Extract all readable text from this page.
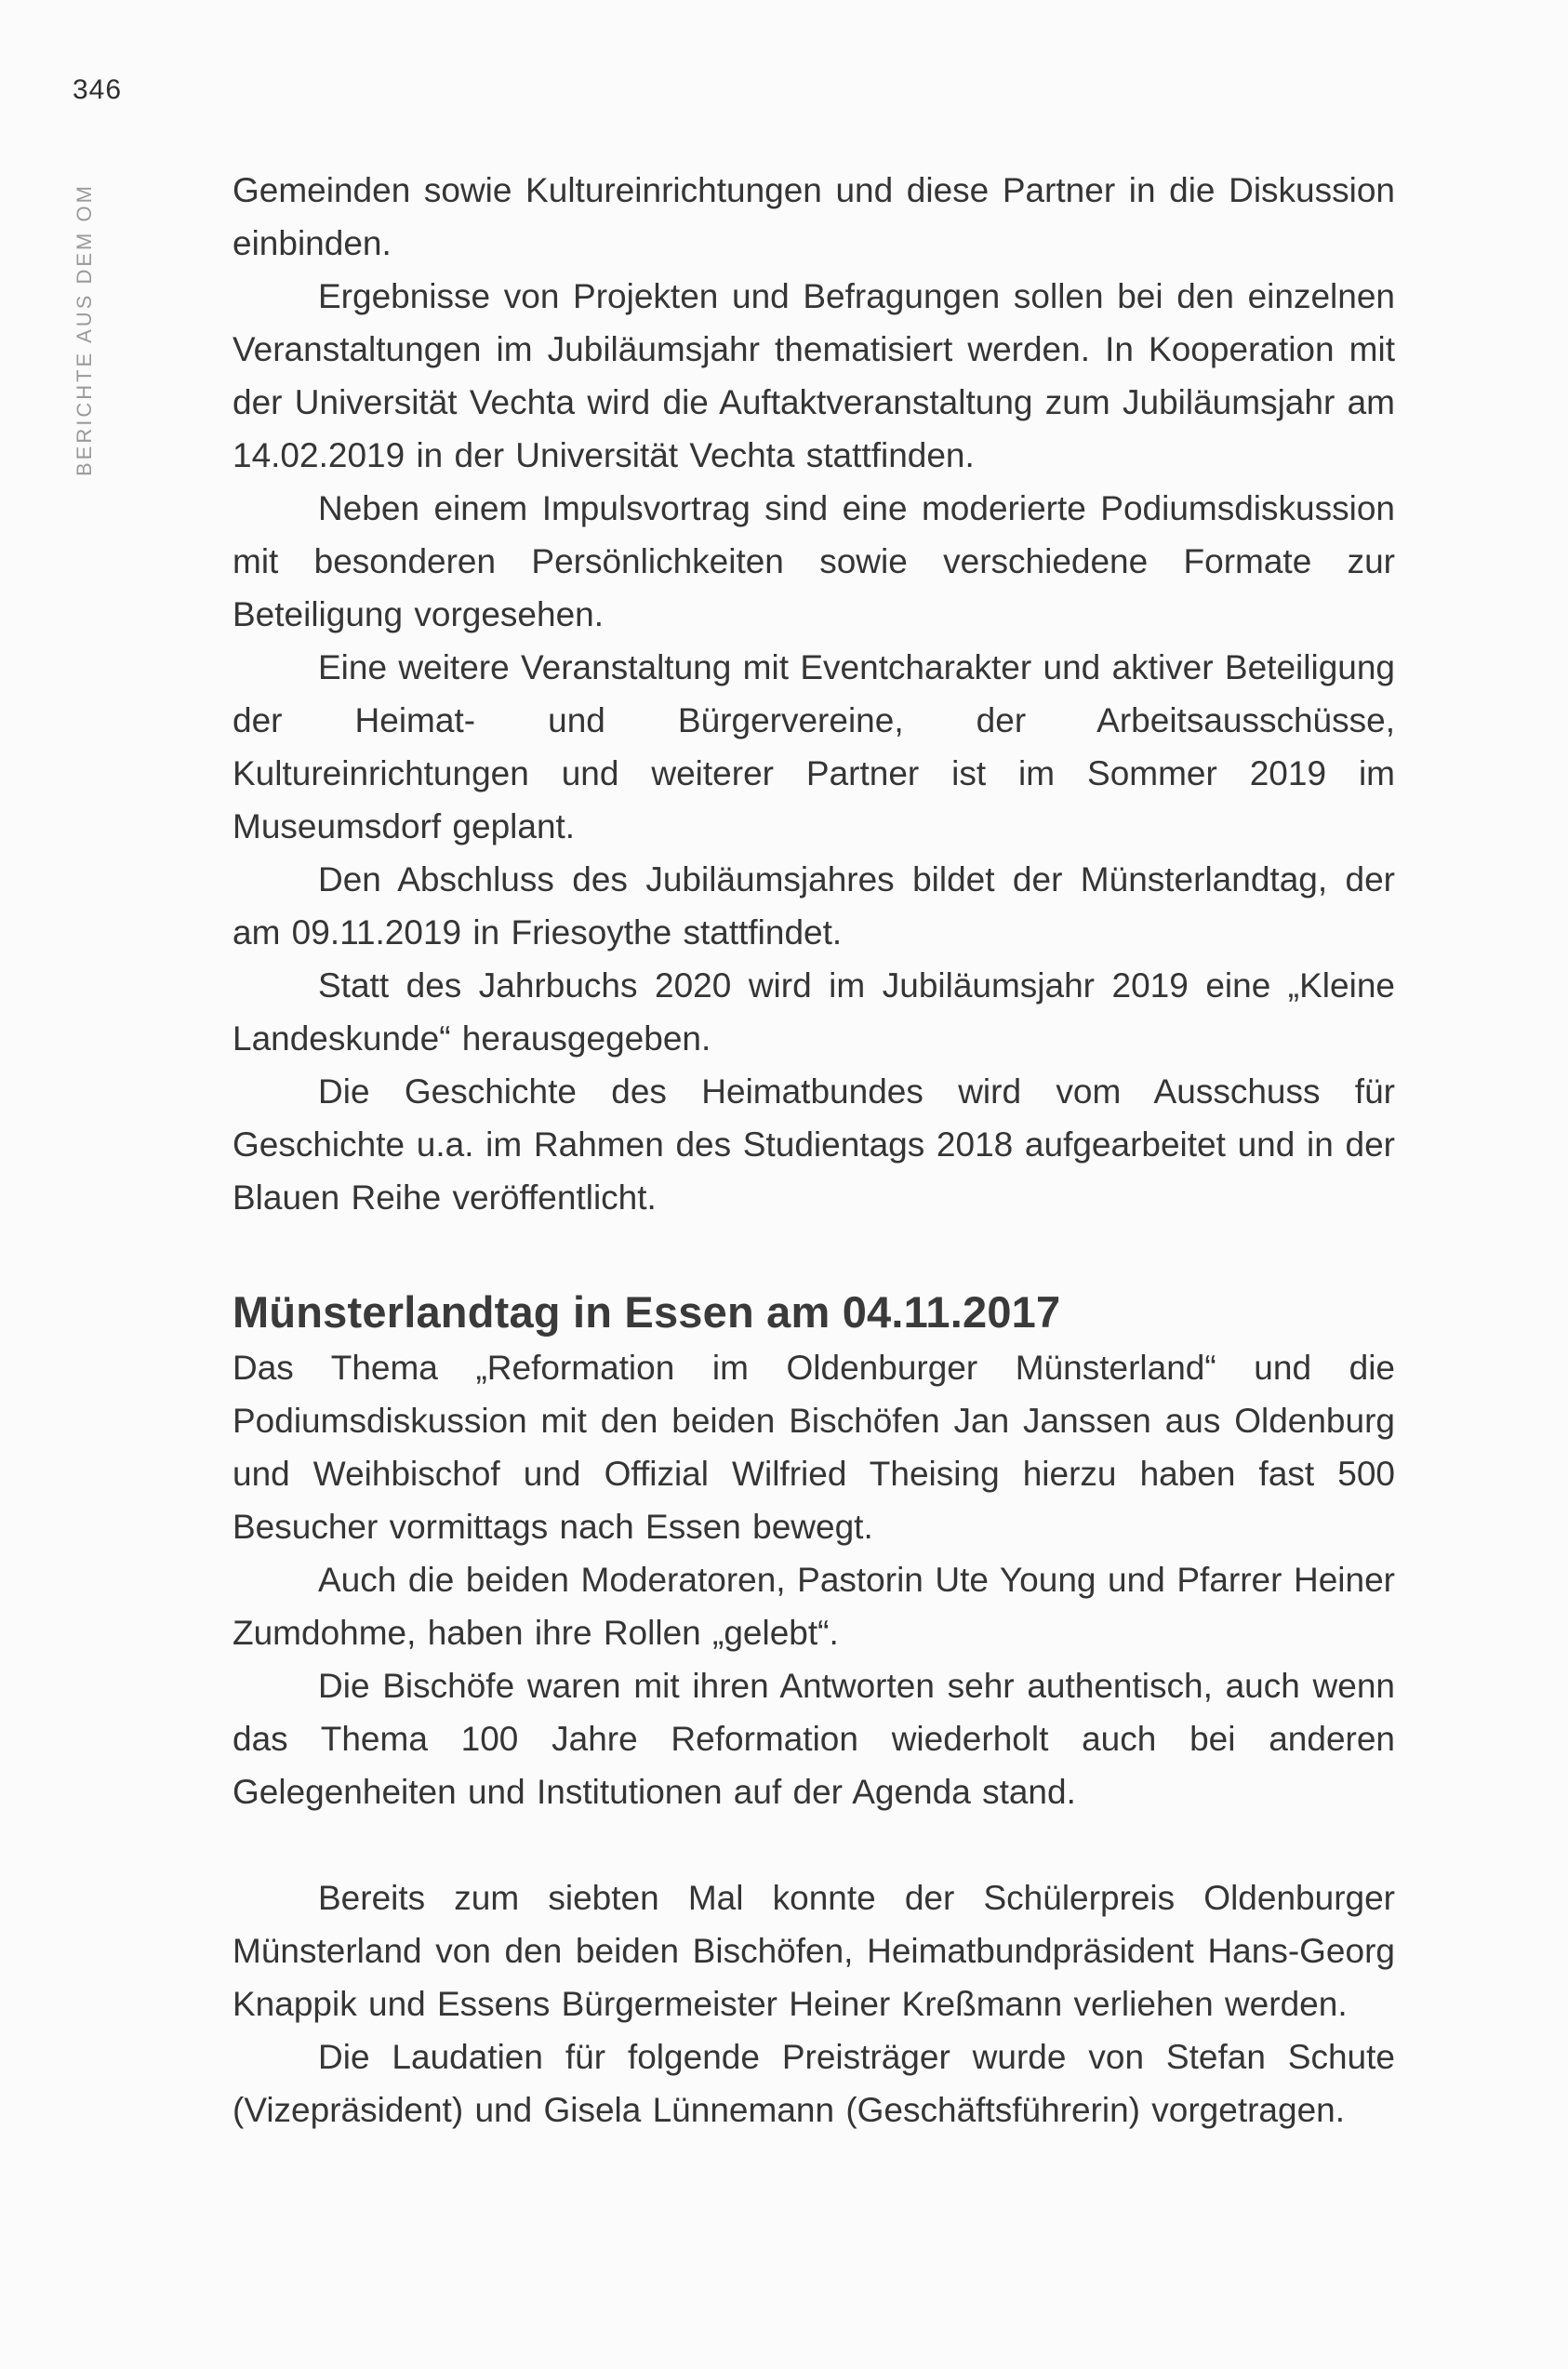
346
BERICHTE AUS DEM OM	Gemeinden sowie Kultureinrichtungen und diese Partner in die Diskussion einbinden.

Ergebnisse von Projekten und Befragungen sollen bei den einzelnen Veranstaltungen im Jubiläumsjahr thematisiert werden. In Kooperation mit der Universität Vechta wird die Auftaktveranstaltung zum Jubiläumsjahr am 14.02.2019 in der Universität Vechta stattfinden.

Neben einem Impulsvortrag sind eine moderierte Podiumsdiskussion mit besonderen Persönlichkeiten sowie verschiedene Formate zur Beteiligung vorgesehen.

Eine weitere Veranstaltung mit Eventcharakter und aktiver Beteiligung der Heimat- und Bürgervereine, der Arbeitsausschüsse, Kultureinrichtungen und weiterer Partner ist im Sommer 2019 im Museumsdorf geplant.

Den Abschluss des Jubiläumsjahres bildet der Münsterlandtag, der am 09.11.2019 in Friesoythe stattfindet.

Statt des Jahrbuchs 2020 wird im Jubiläumsjahr 2019 eine „Kleine Landeskunde“ herausgegeben.

Die Geschichte des Heimatbundes wird vom Ausschuss für Geschichte u.a. im Rahmen des Studientags 2018 aufgearbeitet und in der Blauen Reihe veröffentlicht.

Münsterlandtag in Essen am 04.11.2017

Das Thema „Reformation im Oldenburger Münsterland“ und die Podiumsdiskussion mit den beiden Bischöfen Jan Janssen aus Oldenburg und Weihbischof und Offizial Wilfried Theising hierzu haben fast 500 Besucher vormittags nach Essen bewegt.

Auch die beiden Moderatoren, Pastorin Ute Young und Pfarrer Heiner Zumdohme, haben ihre Rollen „gelebt“.

Die Bischöfe waren mit ihren Antworten sehr authentisch, auch wenn das Thema 100 Jahre Reformation wiederholt auch bei anderen Gelegenheiten und Institutionen auf der Agenda stand.

Bereits zum siebten Mal konnte der Schülerpreis Oldenburger Münsterland von den beiden Bischöfen, Heimatbundpräsident Hans-Georg Knappik und Essens Bürgermeister Heiner Kreßmann verliehen werden.

Die Laudatien für folgende Preisträger wurde von Stefan Schute (Vizepräsident) und Gisela Lünnemann (Geschäftsführerin) vorgetragen.
